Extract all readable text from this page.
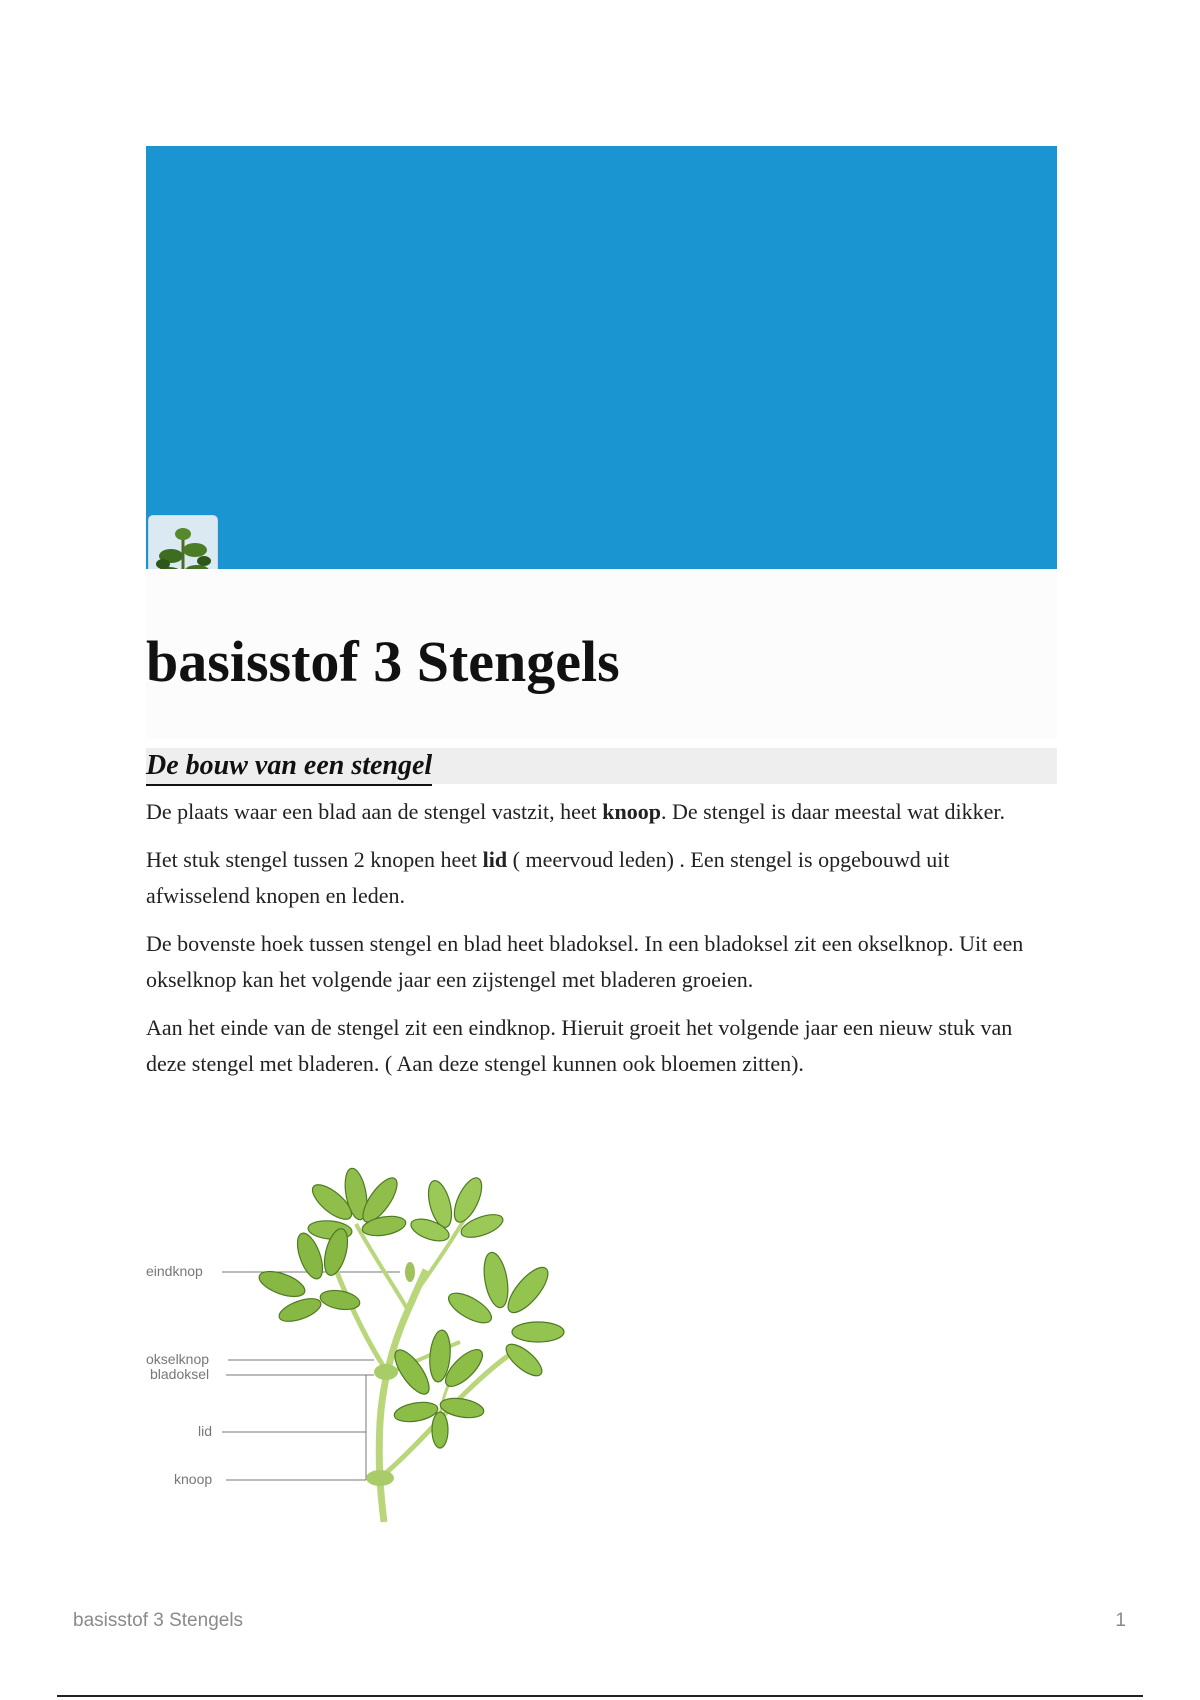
basisstof 3 Stengels
De bouw van een stengel

De plaats waar een blad aan de stengel vastzit, heet knoop. De stengel is daar meestal wat dikker.

Het stuk stengel tussen 2 knopen heet lid ( meervoud leden) . Een stengel is opgebouwd uit afwisselend knopen en leden.

De bovenste hoek tussen stengel en blad heet bladoksel. In een bladoksel zit een okselknop. Uit een okselknop kan het volgende jaar een zijstengel met bladeren groeien.

Aan het einde van de stengel zit een eindknop. Hieruit groeit het volgende jaar een nieuw stuk van deze stengel met bladeren. ( Aan deze stengel kunnen ook bloemen zitten).

eindknop
okselknop
bladoksel
lid
knoop
basisstof 3 Stengels	1
